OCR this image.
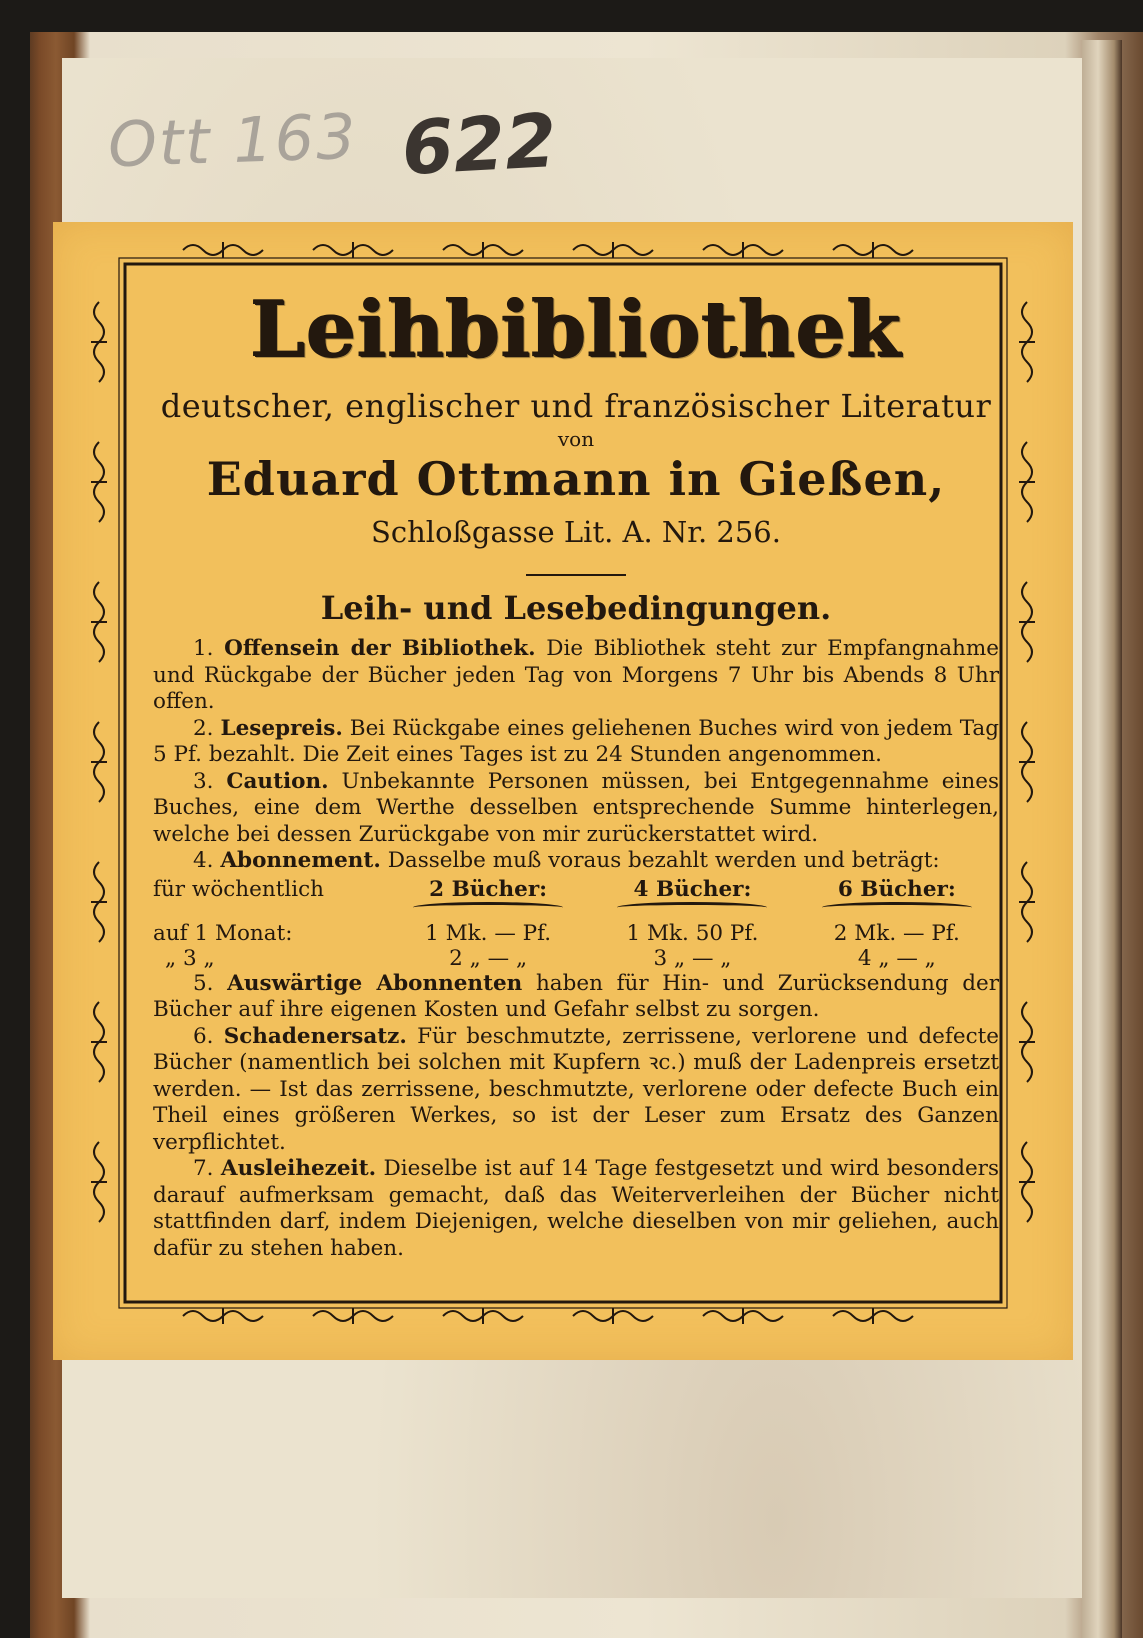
Ott 163 622
Leihbibliothek
deutscher, englischer und französischer Literatur
von
Eduard Ottmann in Gießen,
Schloßgasse Lit. A. Nr. 256.
Leih- und Lesebedingungen.

1. Offensein der Bibliothek. Die Bibliothek steht zur Empfangnahme und Rückgabe der Bücher jeden Tag von Morgens 7 Uhr bis Abends 8 Uhr offen.

2. Lesepreis. Bei Rückgabe eines geliehenen Buches wird von jedem Tag 5 Pf. bezahlt. Die Zeit eines Tages ist zu 24 Stunden angenommen.

3. Caution. Unbekannte Personen müssen, bei Entgegennahme eines Buches, eine dem Werthe desselben entsprechende Summe hinterlegen, welche bei dessen Zurückgabe von mir zurückerstattet wird.

4. Abonnement. Dasselbe muß voraus bezahlt werden und beträgt:

für wöchentlich	2 Bücher:	4 Bücher:	6 Bücher:

auf 1 Monat:	1 Mk. — Pf.	1 Mk. 50 Pf.	2 Mk. — Pf.
„ 3 „	2 „ — „	3 „ — „	4 „ — „

5. Auswärtige Abonnenten haben für Hin- und Zurücksendung der Bücher auf ihre eigenen Kosten und Gefahr selbst zu sorgen.

6. Schadenersatz. Für beschmutzte, zerrissene, verlorene und defecte Bücher (namentlich bei solchen mit Kupfern ꝛc.) muß der Ladenpreis ersetzt werden. — Ist das zerrissene, beschmutzte, verlorene oder defecte Buch ein Theil eines größeren Werkes, so ist der Leser zum Ersatz des Ganzen verpflichtet.

7. Ausleihezeit. Dieselbe ist auf 14 Tage festgesetzt und wird besonders darauf aufmerksam gemacht, daß das Weiterverleihen der Bücher nicht stattfinden darf, indem Diejenigen, welche dieselben von mir geliehen, auch dafür zu stehen haben.
